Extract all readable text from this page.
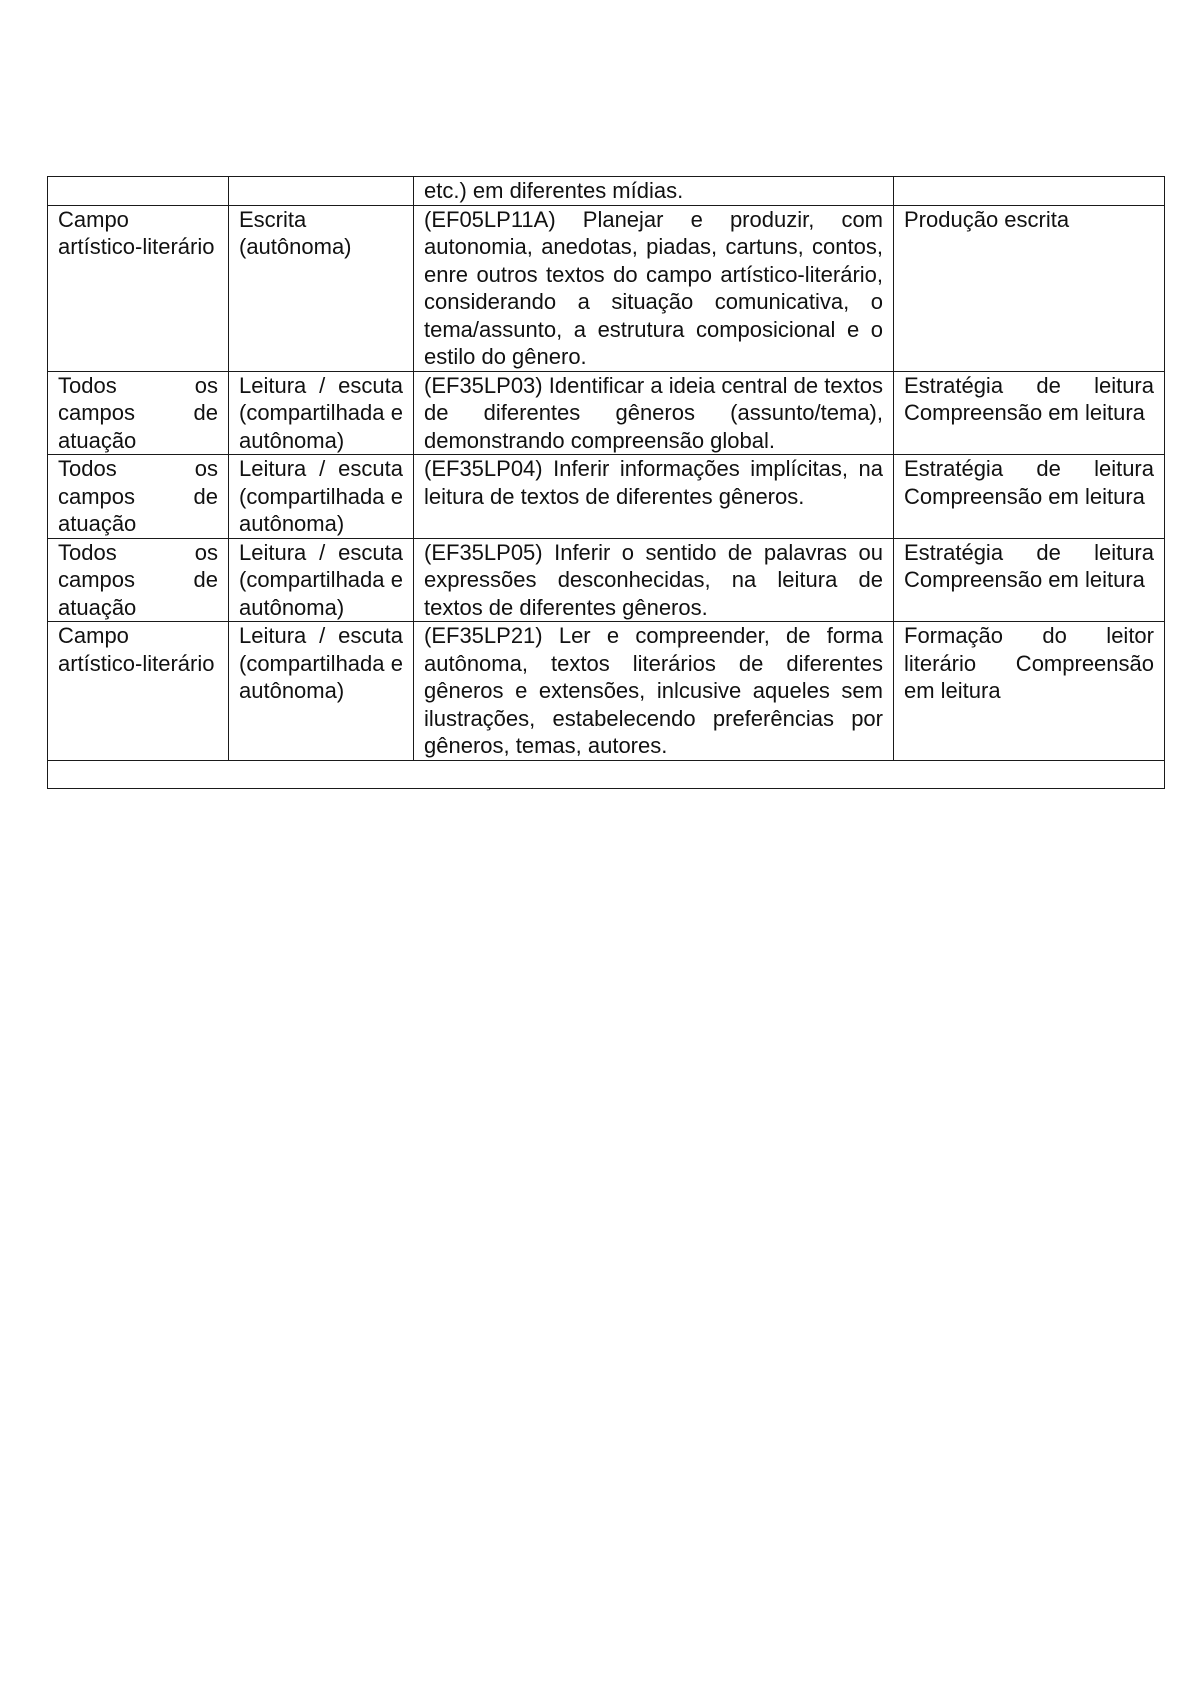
		etc.) em diferentes mídias.	

Campo artístico-literário	Escrita (autônoma)	(EF05LP11A) Planejar e produzir, com autonomia, anedotas, piadas, cartuns, contos, enre outros textos do campo artístico-literário, considerando a situação comunicativa, o tema/assunto, a estrutura composicional e o estilo do gênero.	Produção escrita

Todos os campos de atuação	Leitura / escuta (compartilhada e autônoma)	(EF35LP03) Identificar a ideia central de textos de diferentes gêneros (assunto/tema), demonstrando compreensão global.	Estratégia de leitura Compreensão em leitura

Todos os campos de atuação	Leitura / escuta (compartilhada e autônoma)	(EF35LP04) Inferir informações implícitas, na leitura de textos de diferentes gêneros.	Estratégia de leitura Compreensão em leitura

Todos os campos de atuação	Leitura / escuta (compartilhada e autônoma)	(EF35LP05) Inferir o sentido de palavras ou expressões desconhecidas, na leitura de textos de diferentes gêneros.	Estratégia de leitura Compreensão em leitura

Campo artístico-literário	Leitura / escuta (compartilhada e autônoma)	(EF35LP21) Ler e compreender, de forma autônoma, textos literários de diferentes gêneros e extensões, inlcusive aqueles sem ilustrações, estabelecendo preferências por gêneros, temas, autores.	Formação do leitor literário Compreensão em leitura
